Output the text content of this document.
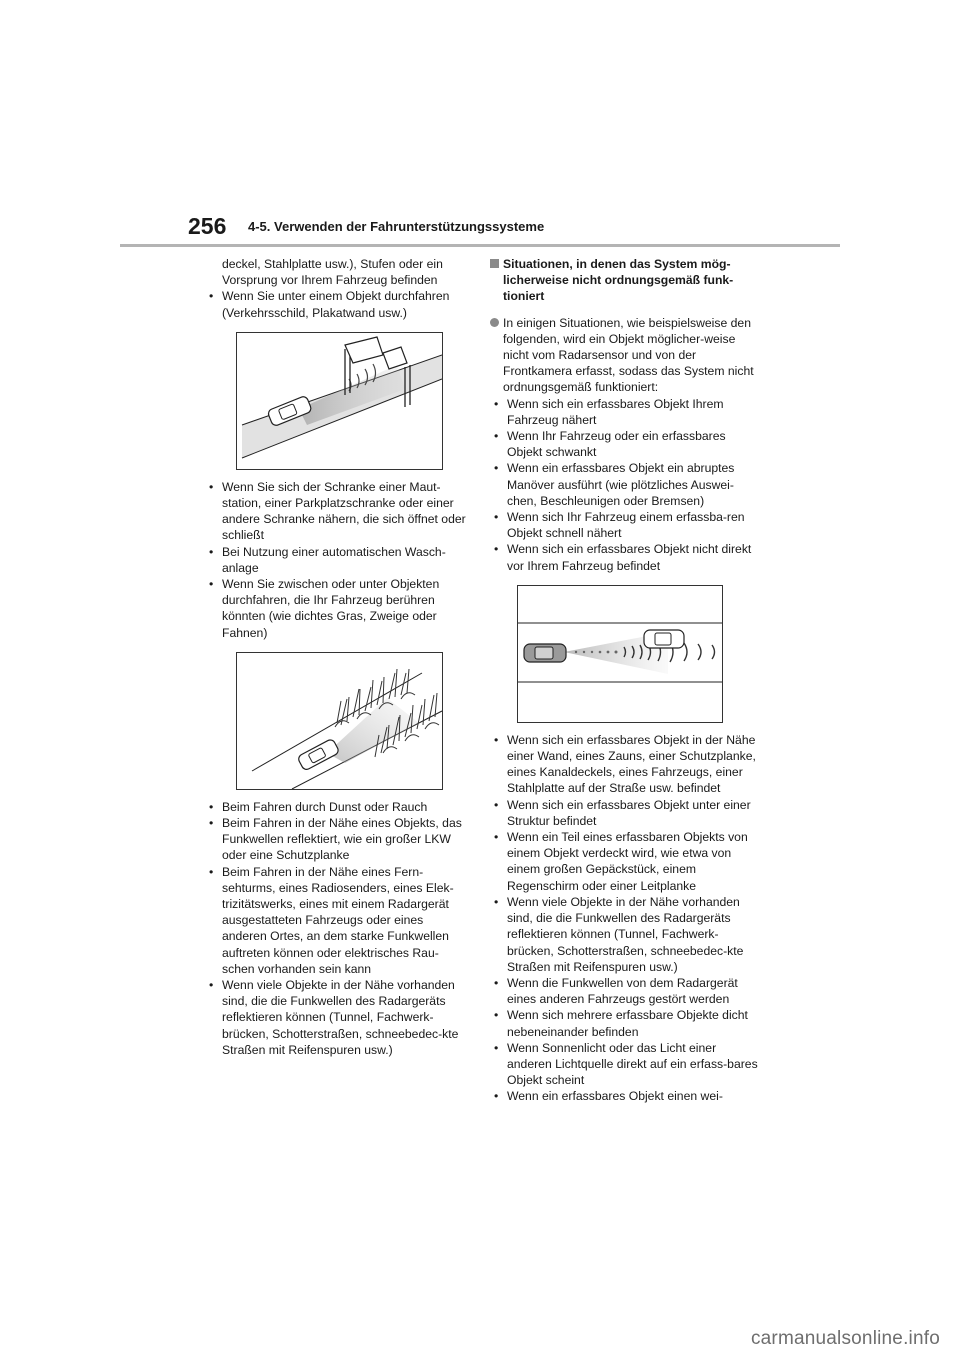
256 4-5. Verwenden der Fahrunterstützungssysteme
deckel, Stahlplatte usw.), Stufen oder ein Vorsprung vor Ihrem Fahrzeug befinden
• Wenn Sie unter einem Objekt durchfahren (Verkehrsschild, Plakatwand usw.)
• Wenn Sie sich der Schranke einer Maut-station, einer Parkplatzschranke oder einer andere Schranke nähern, die sich öffnet oder schließt
• Bei Nutzung einer automatischen Wasch-anlage
• Wenn Sie zwischen oder unter Objekten durchfahren, die Ihr Fahrzeug berühren könnten (wie dichtes Gras, Zweige oder Fahnen)
• Beim Fahren durch Dunst oder Rauch
• Beim Fahren in der Nähe eines Objekts, das Funkwellen reflektiert, wie ein großer LKW oder eine Schutzplanke
• Beim Fahren in der Nähe eines Fern-sehturms, eines Radiosenders, eines Elek-trizitätswerks, eines mit einem Radargerät ausgestatteten Fahrzeugs oder eines anderen Ortes, an dem starke Funkwellen auftreten können oder elektrisches Rau-schen vorhanden sein kann
• Wenn viele Objekte in der Nähe vorhanden sind, die die Funkwellen des Radargeräts reflektieren können (Tunnel, Fachwerk-brücken, Schotterstraßen, schneebedec-kte Straßen mit Reifenspuren usw.)
Situationen, in denen das System mög-licherweise nicht ordnungsgemäß funk-tioniert
In einigen Situationen, wie beispielsweise den folgenden, wird ein Objekt möglicher-weise nicht vom Radarsensor und von der Frontkamera erfasst, sodass das System nicht ordnungsgemäß funktioniert:
• Wenn sich ein erfassbares Objekt Ihrem Fahrzeug nähert
• Wenn Ihr Fahrzeug oder ein erfassbares Objekt schwankt
• Wenn ein erfassbares Objekt ein abruptes Manöver ausführt (wie plötzliches Auswei-chen, Beschleunigen oder Bremsen)
• Wenn sich Ihr Fahrzeug einem erfassba-ren Objekt schnell nähert
• Wenn sich ein erfassbares Objekt nicht direkt vor Ihrem Fahrzeug befindet
• Wenn sich ein erfassbares Objekt in der Nähe einer Wand, eines Zauns, einer Schutzplanke, eines Kanaldeckels, eines Fahrzeugs, einer Stahlplatte auf der Straße usw. befindet
• Wenn sich ein erfassbares Objekt unter einer Struktur befindet
• Wenn ein Teil eines erfassbaren Objekts von einem Objekt verdeckt wird, wie etwa von einem großen Gepäckstück, einem Regenschirm oder einer Leitplanke
• Wenn viele Objekte in der Nähe vorhanden sind, die die Funkwellen des Radargeräts reflektieren können (Tunnel, Fachwerk-brücken, Schotterstraßen, schneebedec-kte Straßen mit Reifenspuren usw.)
• Wenn die Funkwellen von dem Radargerät eines anderen Fahrzeugs gestört werden
• Wenn sich mehrere erfassbare Objekte dicht nebeneinander befinden
• Wenn Sonnenlicht oder das Licht einer anderen Lichtquelle direkt auf ein erfass-bares Objekt scheint
• Wenn ein erfassbares Objekt einen wei-
carmanualsonline.info
